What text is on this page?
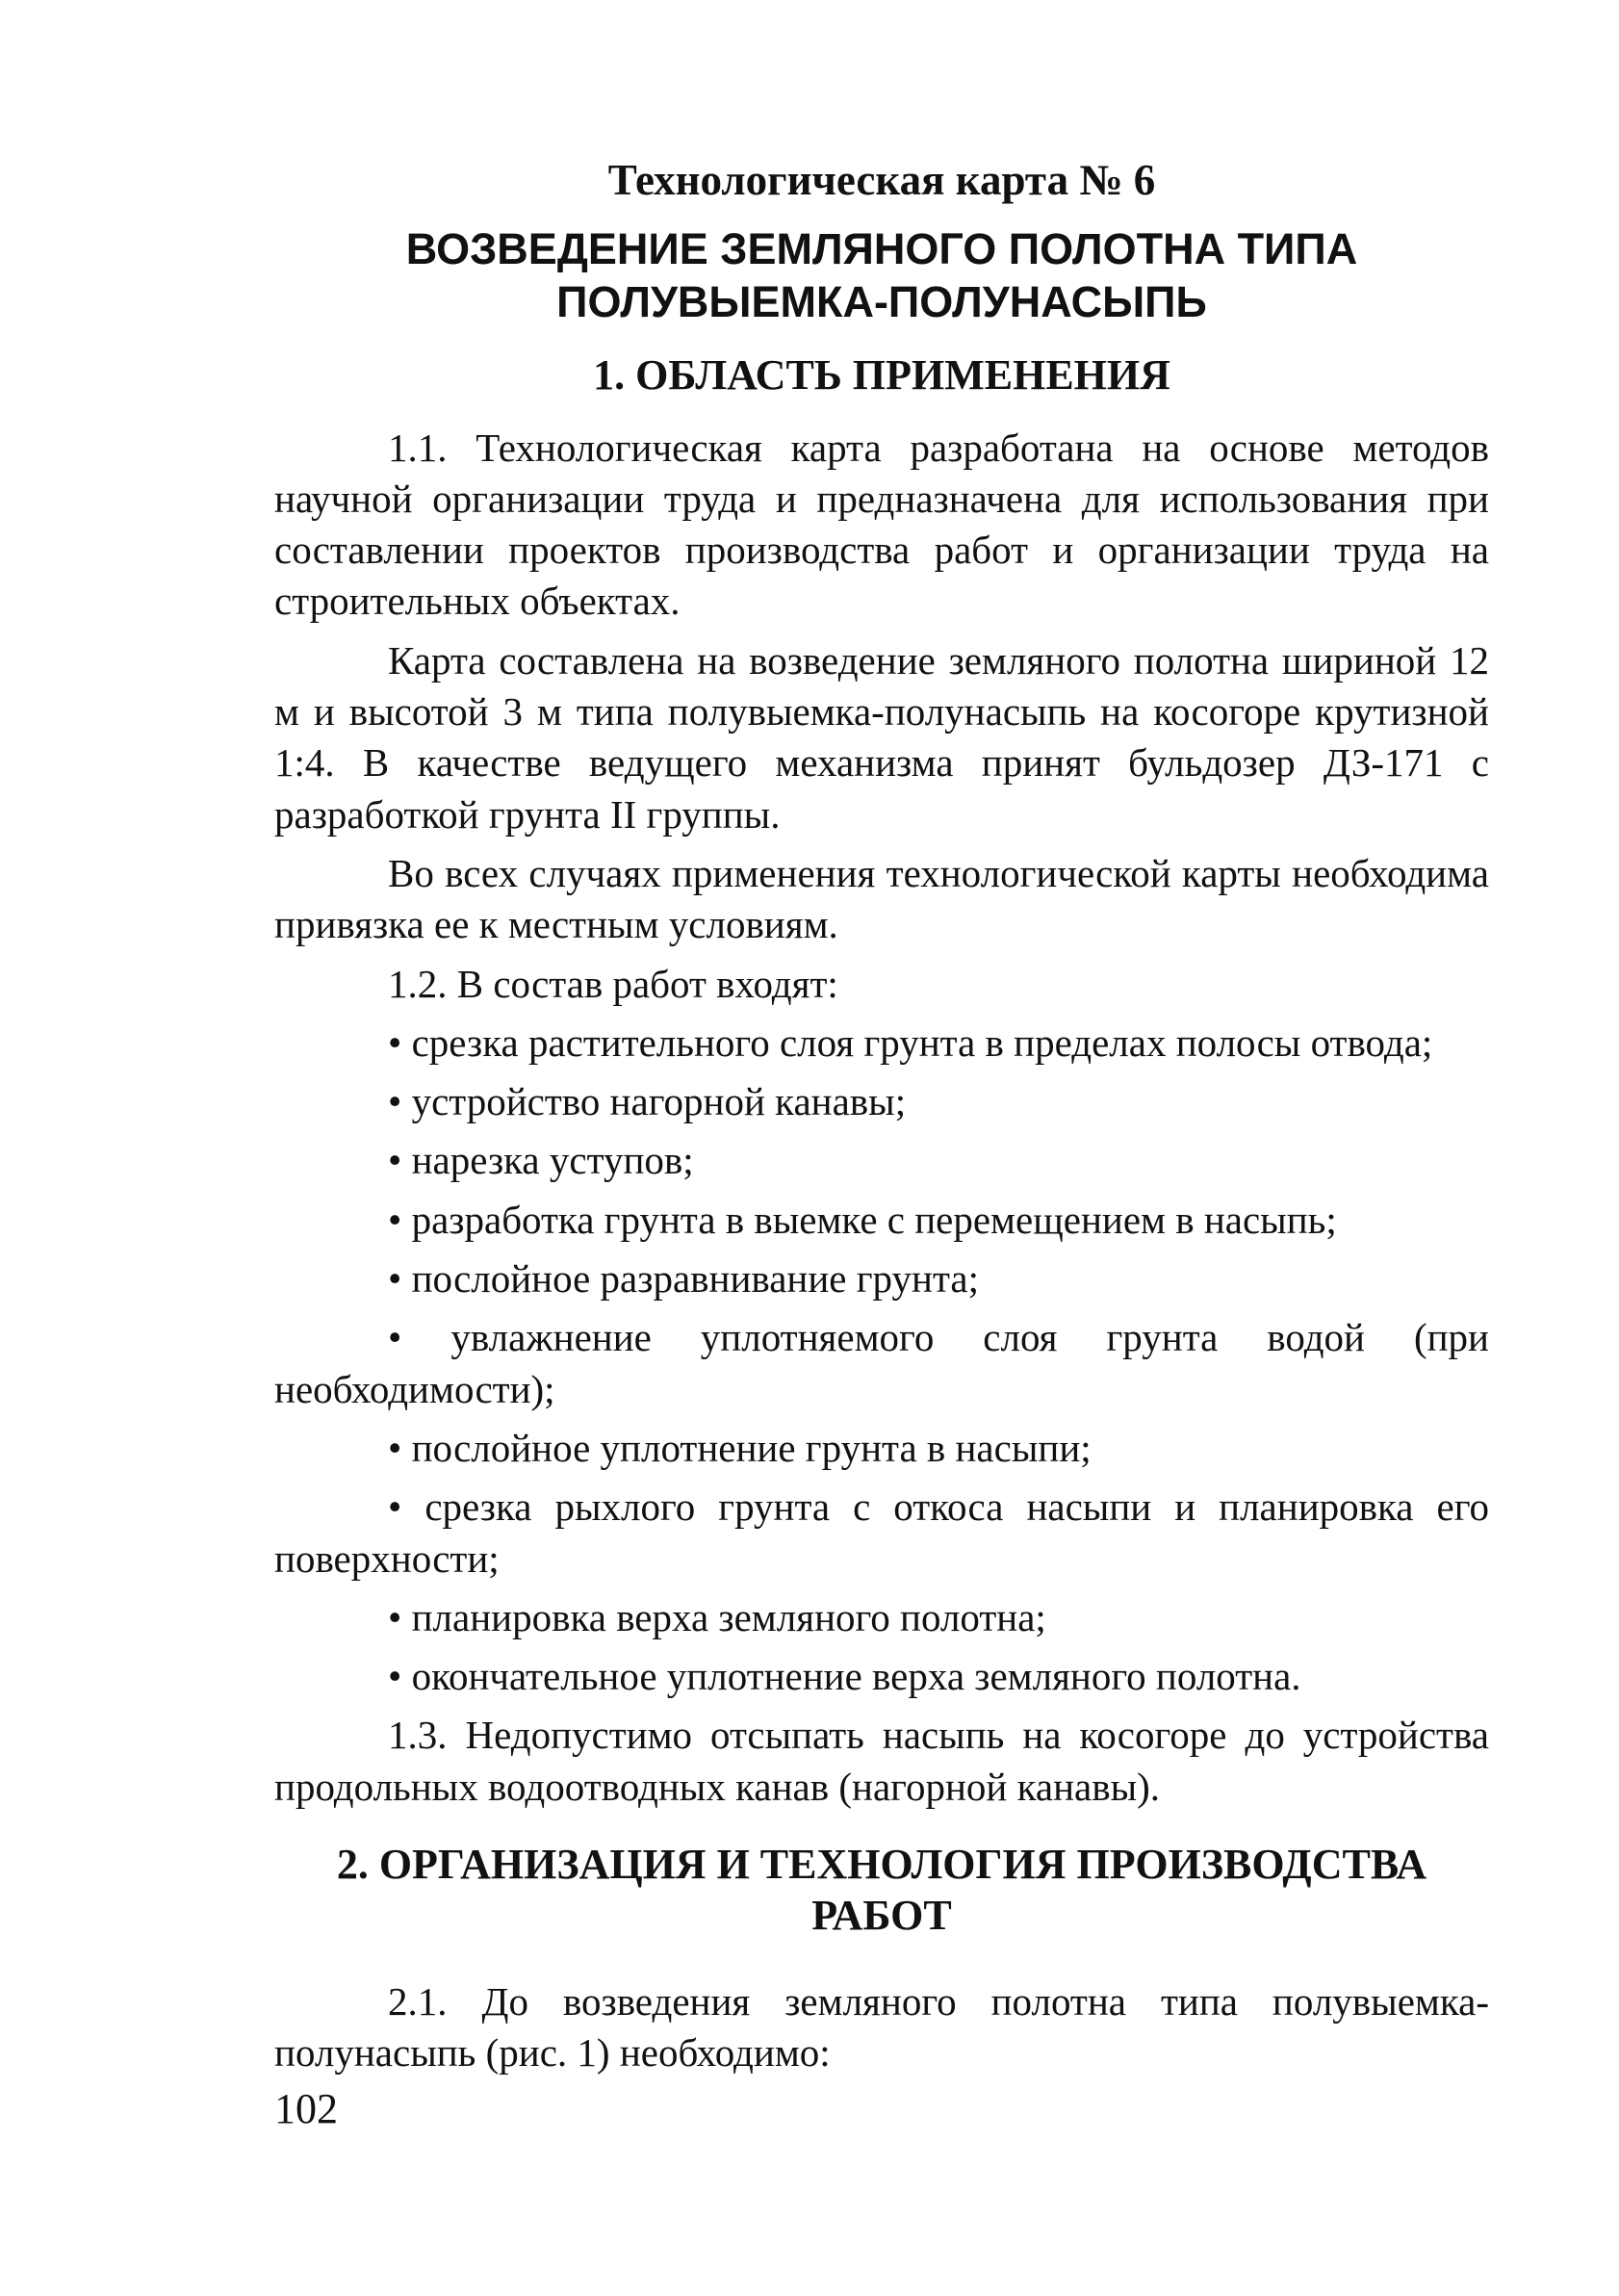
Технологическая карта № 6
ВОЗВЕДЕНИЕ ЗЕМЛЯНОГО ПОЛОТНА ТИПА
ПОЛУВЫЕМКА-ПОЛУНАСЫПЬ
1. ОБЛАСТЬ ПРИМЕНЕНИЯ

1.1. Технологическая карта разработана на основе методов научной организации труда и предназначена для использования при составлении проектов производства работ и организации труда на строительных объектах.

Карта составлена на возведение земляного полотна шириной 12 м и высотой 3 м типа полувыемка-полунасыпь на косогоре крутизной 1:4. В качестве ведущего механизма принят бульдозер ДЗ-171 с разработкой грунта II группы.

Во всех случаях применения технологической карты необходима привязка ее к местным условиям.

1.2. В состав работ входят:

• срезка растительного слоя грунта в пределах полосы отвода;

• устройство нагорной канавы;

• нарезка уступов;

• разработка грунта в выемке с перемещением в насыпь;

• послойное разравнивание грунта;

• увлажнение уплотняемого слоя грунта водой (при необходимости);

• послойное уплотнение грунта в насыпи;

• срезка рыхлого грунта с откоса насыпи и планировка его поверхности;

• планировка верха земляного полотна;

• окончательное уплотнение верха земляного полотна.

1.3. Недопустимо отсыпать насыпь на косогоре до устройства продольных водоотводных канав (нагорной канавы).

2. ОРГАНИЗАЦИЯ И ТЕХНОЛОГИЯ ПРОИЗВОДСТВА
РАБОТ

2.1. До возведения земляного полотна типа полувыемка-полунасыпь (рис. 1) необходимо:

102
